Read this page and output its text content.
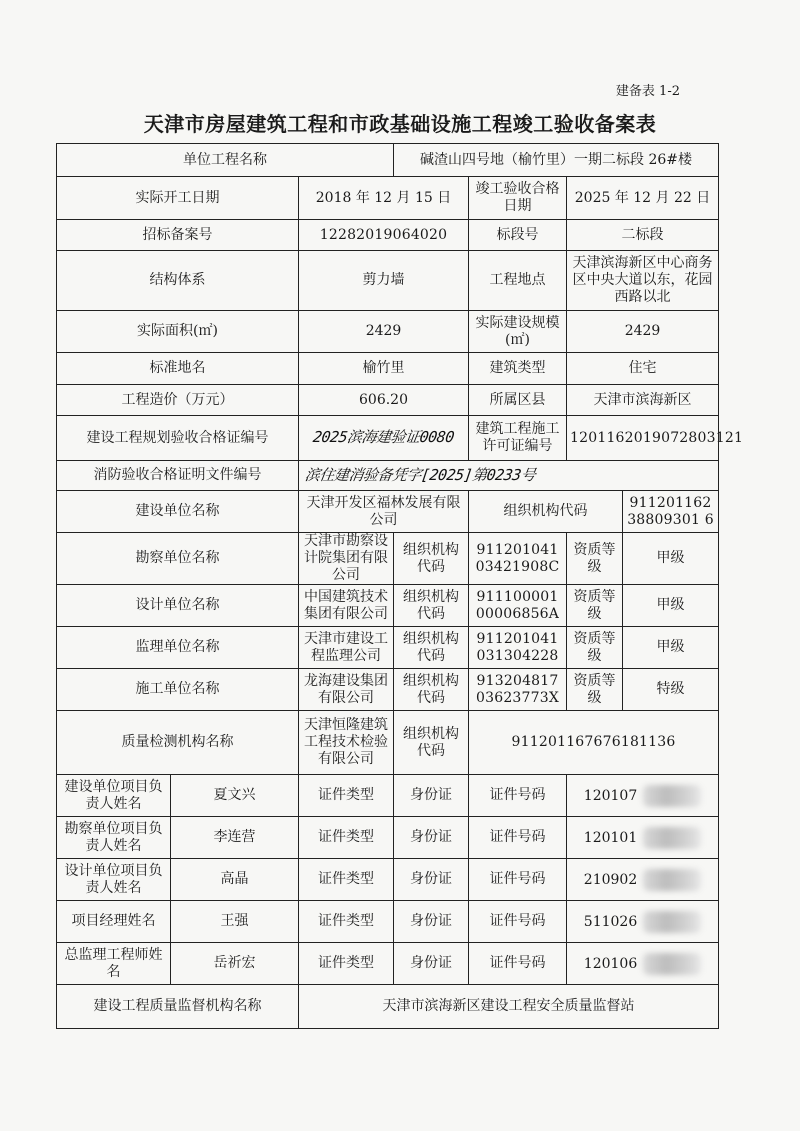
建备表 1-2
天津市房屋建筑工程和市政基础设施工程竣工验收备案表
单位工程名称			碱渣山四号地（榆竹里）一期二标段 26#楼			
实际开工日期		2018 年 12 月 15 日		竣工验收合格日期	2025 年 12 月 22 日	
招标备案号		12282019064020		标段号	二标段	
结构体系		剪力墙		工程地点	天津滨海新区中心商务区中央大道以东，花园西路以北	
实际面积(㎡)		2429		实际建设规模(㎡)	2429	
标准地名		榆竹里		建筑类型	住宅	
工程造价（万元）		606.20		所属区县	天津市滨海新区	
建设工程规划验收合格证编号		2025滨海建验证0080		建筑工程施工许可证编号	1201162019072803121	
消防验收合格证明文件编号		滨住建消验备凭字[2025]第0233号				
建设单位名称		天津开发区福林发展有限公司		组织机构代码		91120116238809301 6
勘察单位名称		天津市勘察设计院集团有限公司	组织机构代码	91120104103421908C	资质等级	甲级
设计单位名称		中国建筑技术集团有限公司	组织机构代码	91110000100006856A	资质等级	甲级
监理单位名称		天津市建设工程监理公司	组织机构代码	911201041031304228	资质等级	甲级
施工单位名称		龙海建设集团有限公司	组织机构代码	91320481703623773X	资质等级	特级
质量检测机构名称		天津恒隆建筑工程技术检验有限公司	组织机构代码	911201167676181136		
建设单位项目负责人姓名	夏文兴	证件类型	身份证	证件号码	120107	
勘察单位项目负责人姓名	李连营	证件类型	身份证	证件号码	120101	
设计单位项目负责人姓名	高晶	证件类型	身份证	证件号码	210902	
项目经理姓名	王强	证件类型	身份证	证件号码	511026	
总监理工程师姓名	岳祈宏	证件类型	身份证	证件号码	120106	
建设工程质量监督机构名称		天津市滨海新区建设工程安全质量监督站				
